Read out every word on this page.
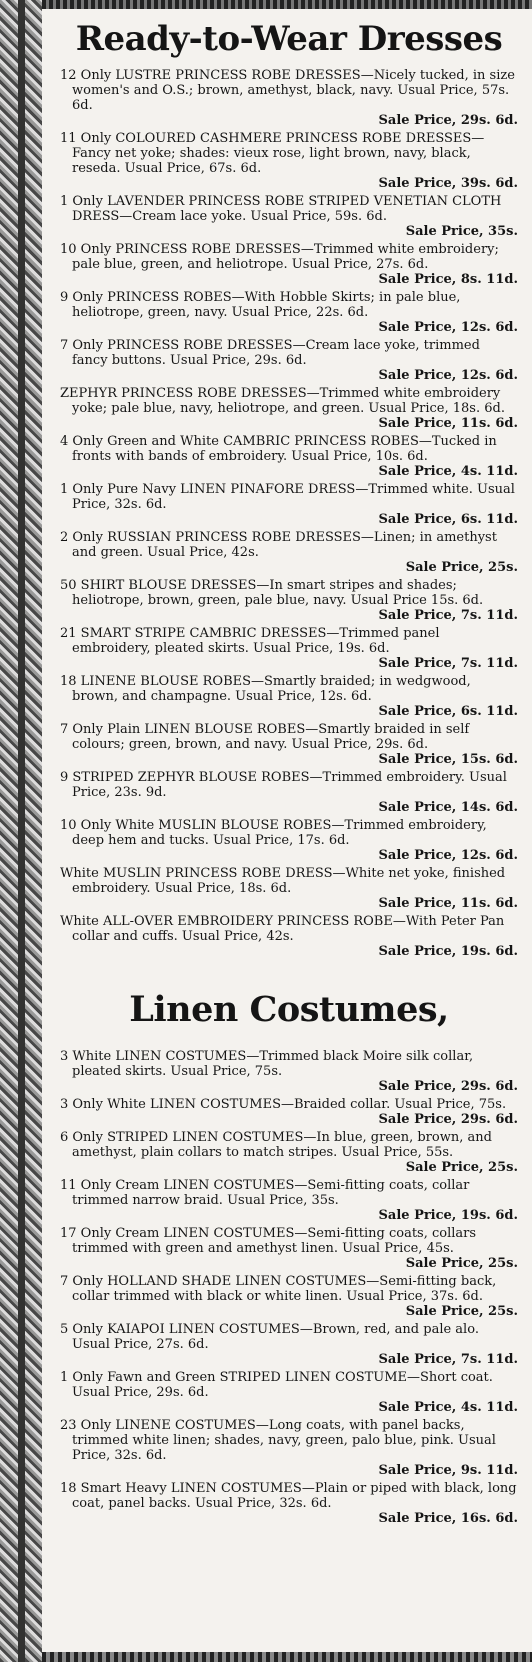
Ready-to-Wear Dresses
12 Only LUSTRE PRINCESS ROBE DRESSES—Nicely tucked, in size women's and O.S.; brown, amethyst, black, navy. Usual Price, 57s. 6d.
Sale Price, 29s. 6d.
11 Only COLOURED CASHMERE PRINCESS ROBE DRESSES—Fancy net yoke; shades: vieux rose, light brown, navy, black, reseda. Usual Price, 67s. 6d.
Sale Price, 39s. 6d.
1 Only LAVENDER PRINCESS ROBE STRIPED VENETIAN CLOTH DRESS—Cream lace yoke. Usual Price, 59s. 6d.
Sale Price, 35s.
10 Only PRINCESS ROBE DRESSES—Trimmed white embroidery; pale blue, green, and heliotrope. Usual Price, 27s. 6d.
Sale Price, 8s. 11d.
9 Only PRINCESS ROBES—With Hobble Skirts; in pale blue, heliotrope, green, navy. Usual Price, 22s. 6d.
Sale Price, 12s. 6d.
7 Only PRINCESS ROBE DRESSES—Cream lace yoke, trimmed fancy buttons. Usual Price, 29s. 6d.
Sale Price, 12s. 6d.
ZEPHYR PRINCESS ROBE DRESSES—Trimmed white embroidery yoke; pale blue, navy, heliotrope, and green. Usual Price, 18s. 6d.
Sale Price, 11s. 6d.
4 Only Green and White CAMBRIC PRINCESS ROBES—Tucked in fronts with bands of embroidery. Usual Price, 10s. 6d.
Sale Price, 4s. 11d.
1 Only Pure Navy LINEN PINAFORE DRESS—Trimmed white. Usual Price, 32s. 6d.
Sale Price, 6s. 11d.
2 Only RUSSIAN PRINCESS ROBE DRESSES—Linen; in amethyst and green. Usual Price, 42s.
Sale Price, 25s.
50 SHIRT BLOUSE DRESSES—In smart stripes and shades; heliotrope, brown, green, pale blue, navy. Usual Price 15s. 6d.
Sale Price, 7s. 11d.
21 SMART STRIPE CAMBRIC DRESSES—Trimmed panel embroidery, pleated skirts. Usual Price, 19s. 6d.
Sale Price, 7s. 11d.
18 LINENE BLOUSE ROBES—Smartly braided; in wedgwood, brown, and champagne. Usual Price, 12s. 6d.
Sale Price, 6s. 11d.
7 Only Plain LINEN BLOUSE ROBES—Smartly braided in self colours; green, brown, and navy. Usual Price, 29s. 6d.
Sale Price, 15s. 6d.
9 STRIPED ZEPHYR BLOUSE ROBES—Trimmed embroidery. Usual Price, 23s. 9d.
Sale Price, 14s. 6d.
10 Only White MUSLIN BLOUSE ROBES—Trimmed embroidery, deep hem and tucks. Usual Price, 17s. 6d.
Sale Price, 12s. 6d.
White MUSLIN PRINCESS ROBE DRESS—White net yoke, finished embroidery. Usual Price, 18s. 6d.
Sale Price, 11s. 6d.
White ALL-OVER EMBROIDERY PRINCESS ROBE—With Peter Pan collar and cuffs. Usual Price, 42s.
Sale Price, 19s. 6d.
Linen Costumes,
3 White LINEN COSTUMES—Trimmed black Moire silk collar, pleated skirts. Usual Price, 75s.
Sale Price, 29s. 6d.
3 Only White LINEN COSTUMES—Braided collar. Usual Price, 75s.
Sale Price, 29s. 6d.
6 Only STRIPED LINEN COSTUMES—In blue, green, brown, and amethyst, plain collars to match stripes. Usual Price, 55s.
Sale Price, 25s.
11 Only Cream LINEN COSTUMES—Semi-fitting coats, collar trimmed narrow braid. Usual Price, 35s.
Sale Price, 19s. 6d.
17 Only Cream LINEN COSTUMES—Semi-fitting coats, collars trimmed with green and amethyst linen. Usual Price, 45s.
Sale Price, 25s.
7 Only HOLLAND SHADE LINEN COSTUMES—Semi-fitting back, collar trimmed with black or white linen. Usual Price, 37s. 6d.
Sale Price, 25s.
5 Only KAIAPOI LINEN COSTUMES—Brown, red, and pale alo. Usual Price, 27s. 6d.
Sale Price, 7s. 11d.
1 Only Fawn and Green STRIPED LINEN COSTUME—Short coat. Usual Price, 29s. 6d.
Sale Price, 4s. 11d.
23 Only LINENE COSTUMES—Long coats, with panel backs, trimmed white linen; shades, navy, green, palo blue, pink. Usual Price, 32s. 6d.
Sale Price, 9s. 11d.
18 Smart Heavy LINEN COSTUMES—Plain or piped with black, long coat, panel backs. Usual Price, 32s. 6d.
Sale Price, 16s. 6d.
